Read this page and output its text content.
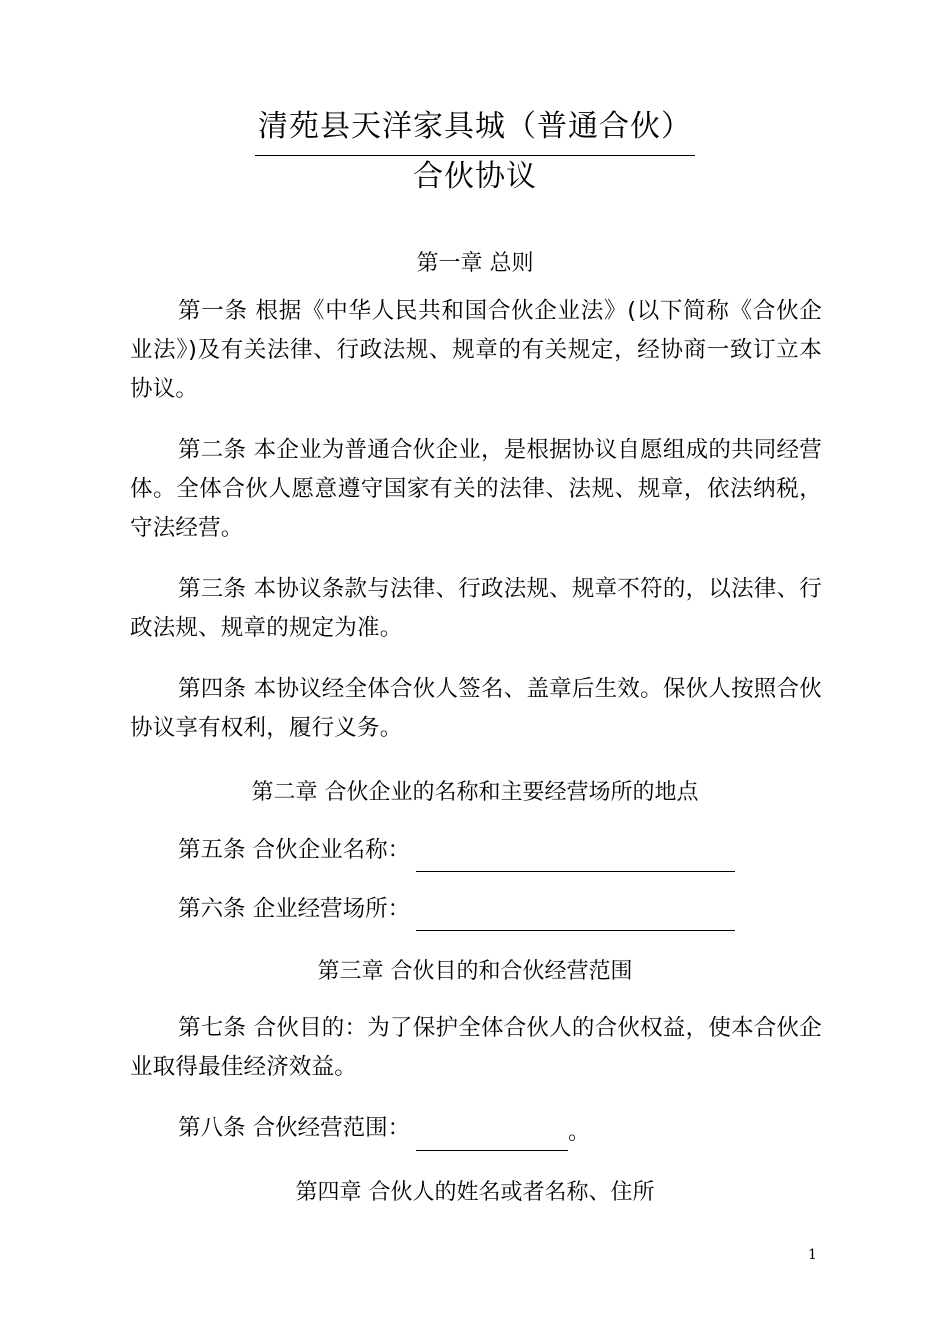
清苑县天洋家具城（普通合伙）
合伙协议
第一章 总则
第一条 根据《中华人民共和国合伙企业法》(以下简称《合伙企业法》)及有关法律、行政法规、规章的有关规定，经协商一致订立本协议。
第二条 本企业为普通合伙企业，是根据协议自愿组成的共同经营体。全体合伙人愿意遵守国家有关的法律、法规、规章，依法纳税，守法经营。
第三条 本协议条款与法律、行政法规、规章不符的，以法律、行政法规、规章的规定为准。
第四条 本协议经全体合伙人签名、盖章后生效。保伙人按照合伙协议享有权利，履行义务。
第二章 合伙企业的名称和主要经营场所的地点
第五条 合伙企业名称：
第六条 企业经营场所：
第三章 合伙目的和合伙经营范围
第七条 合伙目的：为了保护全体合伙人的合伙权益，使本合伙企业取得最佳经济效益。
第八条 合伙经营范围：	。
第四章 合伙人的姓名或者名称、住所
1
